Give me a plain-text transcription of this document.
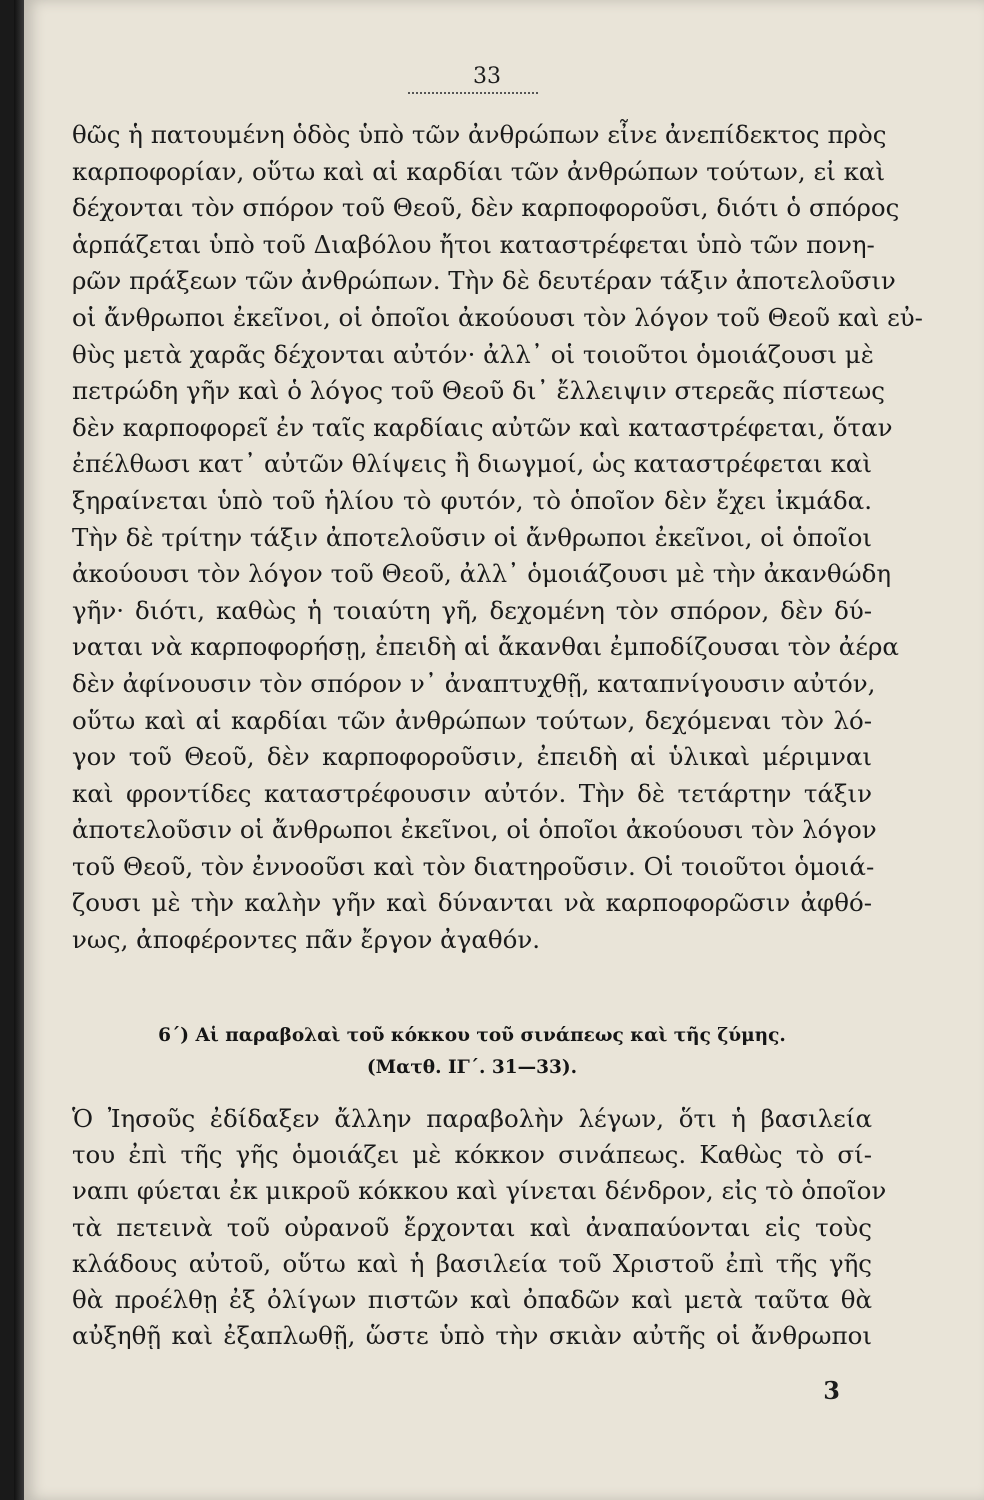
33
θῶς ἡ πατουμένη ὁδὸς ὑπὸ τῶν ἀνθρώπων εἶνε ἀνεπίδεκτος πρὸς
καρποφορίαν, οὕτω καὶ αἱ καρδίαι τῶν ἀνθρώπων τούτων, εἰ καὶ
δέχονται τὸν σπόρον τοῦ Θεοῦ, δὲν καρποφοροῦσι, διότι ὁ σπόρος
ἁρπάζεται ὑπὸ τοῦ Διαβόλου ἤτοι καταστρέφεται ὑπὸ τῶν πονη-
ρῶν πράξεων τῶν ἀνθρώπων. Τὴν δὲ δευτέραν τάξιν ἀποτελοῦσιν
οἱ ἄνθρωποι ἐκεῖνοι, οἱ ὁποῖοι ἀκούουσι τὸν λόγον τοῦ Θεοῦ καὶ εὐ-
θὺς μετὰ χαρᾶς δέχονται αὐτόν· ἀλλ᾽ οἱ τοιοῦτοι ὁμοιάζουσι μὲ
πετρώδη γῆν καὶ ὁ λόγος τοῦ Θεοῦ δι᾽ ἔλλειψιν στερεᾶς πίστεως
δὲν καρποφορεῖ ἐν ταῖς καρδίαις αὐτῶν καὶ καταστρέφεται, ὅταν
ἐπέλθωσι κατ᾽ αὐτῶν θλίψεις ἢ διωγμοί, ὡς καταστρέφεται καὶ
ξηραίνεται ὑπὸ τοῦ ἡλίου τὸ φυτόν, τὸ ὁποῖον δὲν ἔχει ἰκμάδα.
Τὴν δὲ τρίτην τάξιν ἀποτελοῦσιν οἱ ἄνθρωποι ἐκεῖνοι, οἱ ὁποῖοι
ἀκούουσι τὸν λόγον τοῦ Θεοῦ, ἀλλ᾽ ὁμοιάζουσι μὲ τὴν ἀκανθώδη
γῆν· διότι, καθὼς ἡ τοιαύτη γῆ, δεχομένη τὸν σπόρον, δὲν δύ-
ναται νὰ καρποφορήσῃ, ἐπειδὴ αἱ ἄκανθαι ἐμποδίζουσαι τὸν ἀέρα
δὲν ἀφίνουσιν τὸν σπόρον ν᾽ ἀναπτυχθῇ, καταπνίγουσιν αὐτόν,
οὕτω καὶ αἱ καρδίαι τῶν ἀνθρώπων τούτων, δεχόμεναι τὸν λό-
γον τοῦ Θεοῦ, δὲν καρποφοροῦσιν, ἐπειδὴ αἱ ὑλικαὶ μέριμναι
καὶ φροντίδες καταστρέφουσιν αὐτόν. Τὴν δὲ τετάρτην τάξιν
ἀποτελοῦσιν οἱ ἄνθρωποι ἐκεῖνοι, οἱ ὁποῖοι ἀκούουσι τὸν λόγον
τοῦ Θεοῦ, τὸν ἐννοοῦσι καὶ τὸν διατηροῦσιν. Οἱ τοιοῦτοι ὁμοιά-
ζουσι μὲ τὴν καλὴν γῆν καὶ δύνανται νὰ καρποφορῶσιν ἀφθό-
νως, ἀποφέροντες πᾶν ἔργον ἀγαθόν.
6΄) Αἱ παραβολαὶ τοῦ κόκκου τοῦ σινάπεως καὶ τῆς ζύμης.
(Ματθ. ΙΓ΄. 31—33).
Ὁ Ἰησοῦς ἐδίδαξεν ἄλλην παραβολὴν λέγων, ὅτι ἡ βασιλεία
του ἐπὶ τῆς γῆς ὁμοιάζει μὲ κόκκον σινάπεως. Καθὼς τὸ σί-
ναπι φύεται ἐκ μικροῦ κόκκου καὶ γίνεται δένδρον, εἰς τὸ ὁποῖον
τὰ πετεινὰ τοῦ οὐρανοῦ ἔρχονται καὶ ἀναπαύονται εἰς τοὺς
κλάδους αὐτοῦ, οὕτω καὶ ἡ βασιλεία τοῦ Χριστοῦ ἐπὶ τῆς γῆς
θὰ προέλθῃ ἐξ ὀλίγων πιστῶν καὶ ὀπαδῶν καὶ μετὰ ταῦτα θὰ
αὐξηθῇ καὶ ἐξαπλωθῇ, ὥστε ὑπὸ τὴν σκιὰν αὐτῆς οἱ ἄνθρωποι
3
